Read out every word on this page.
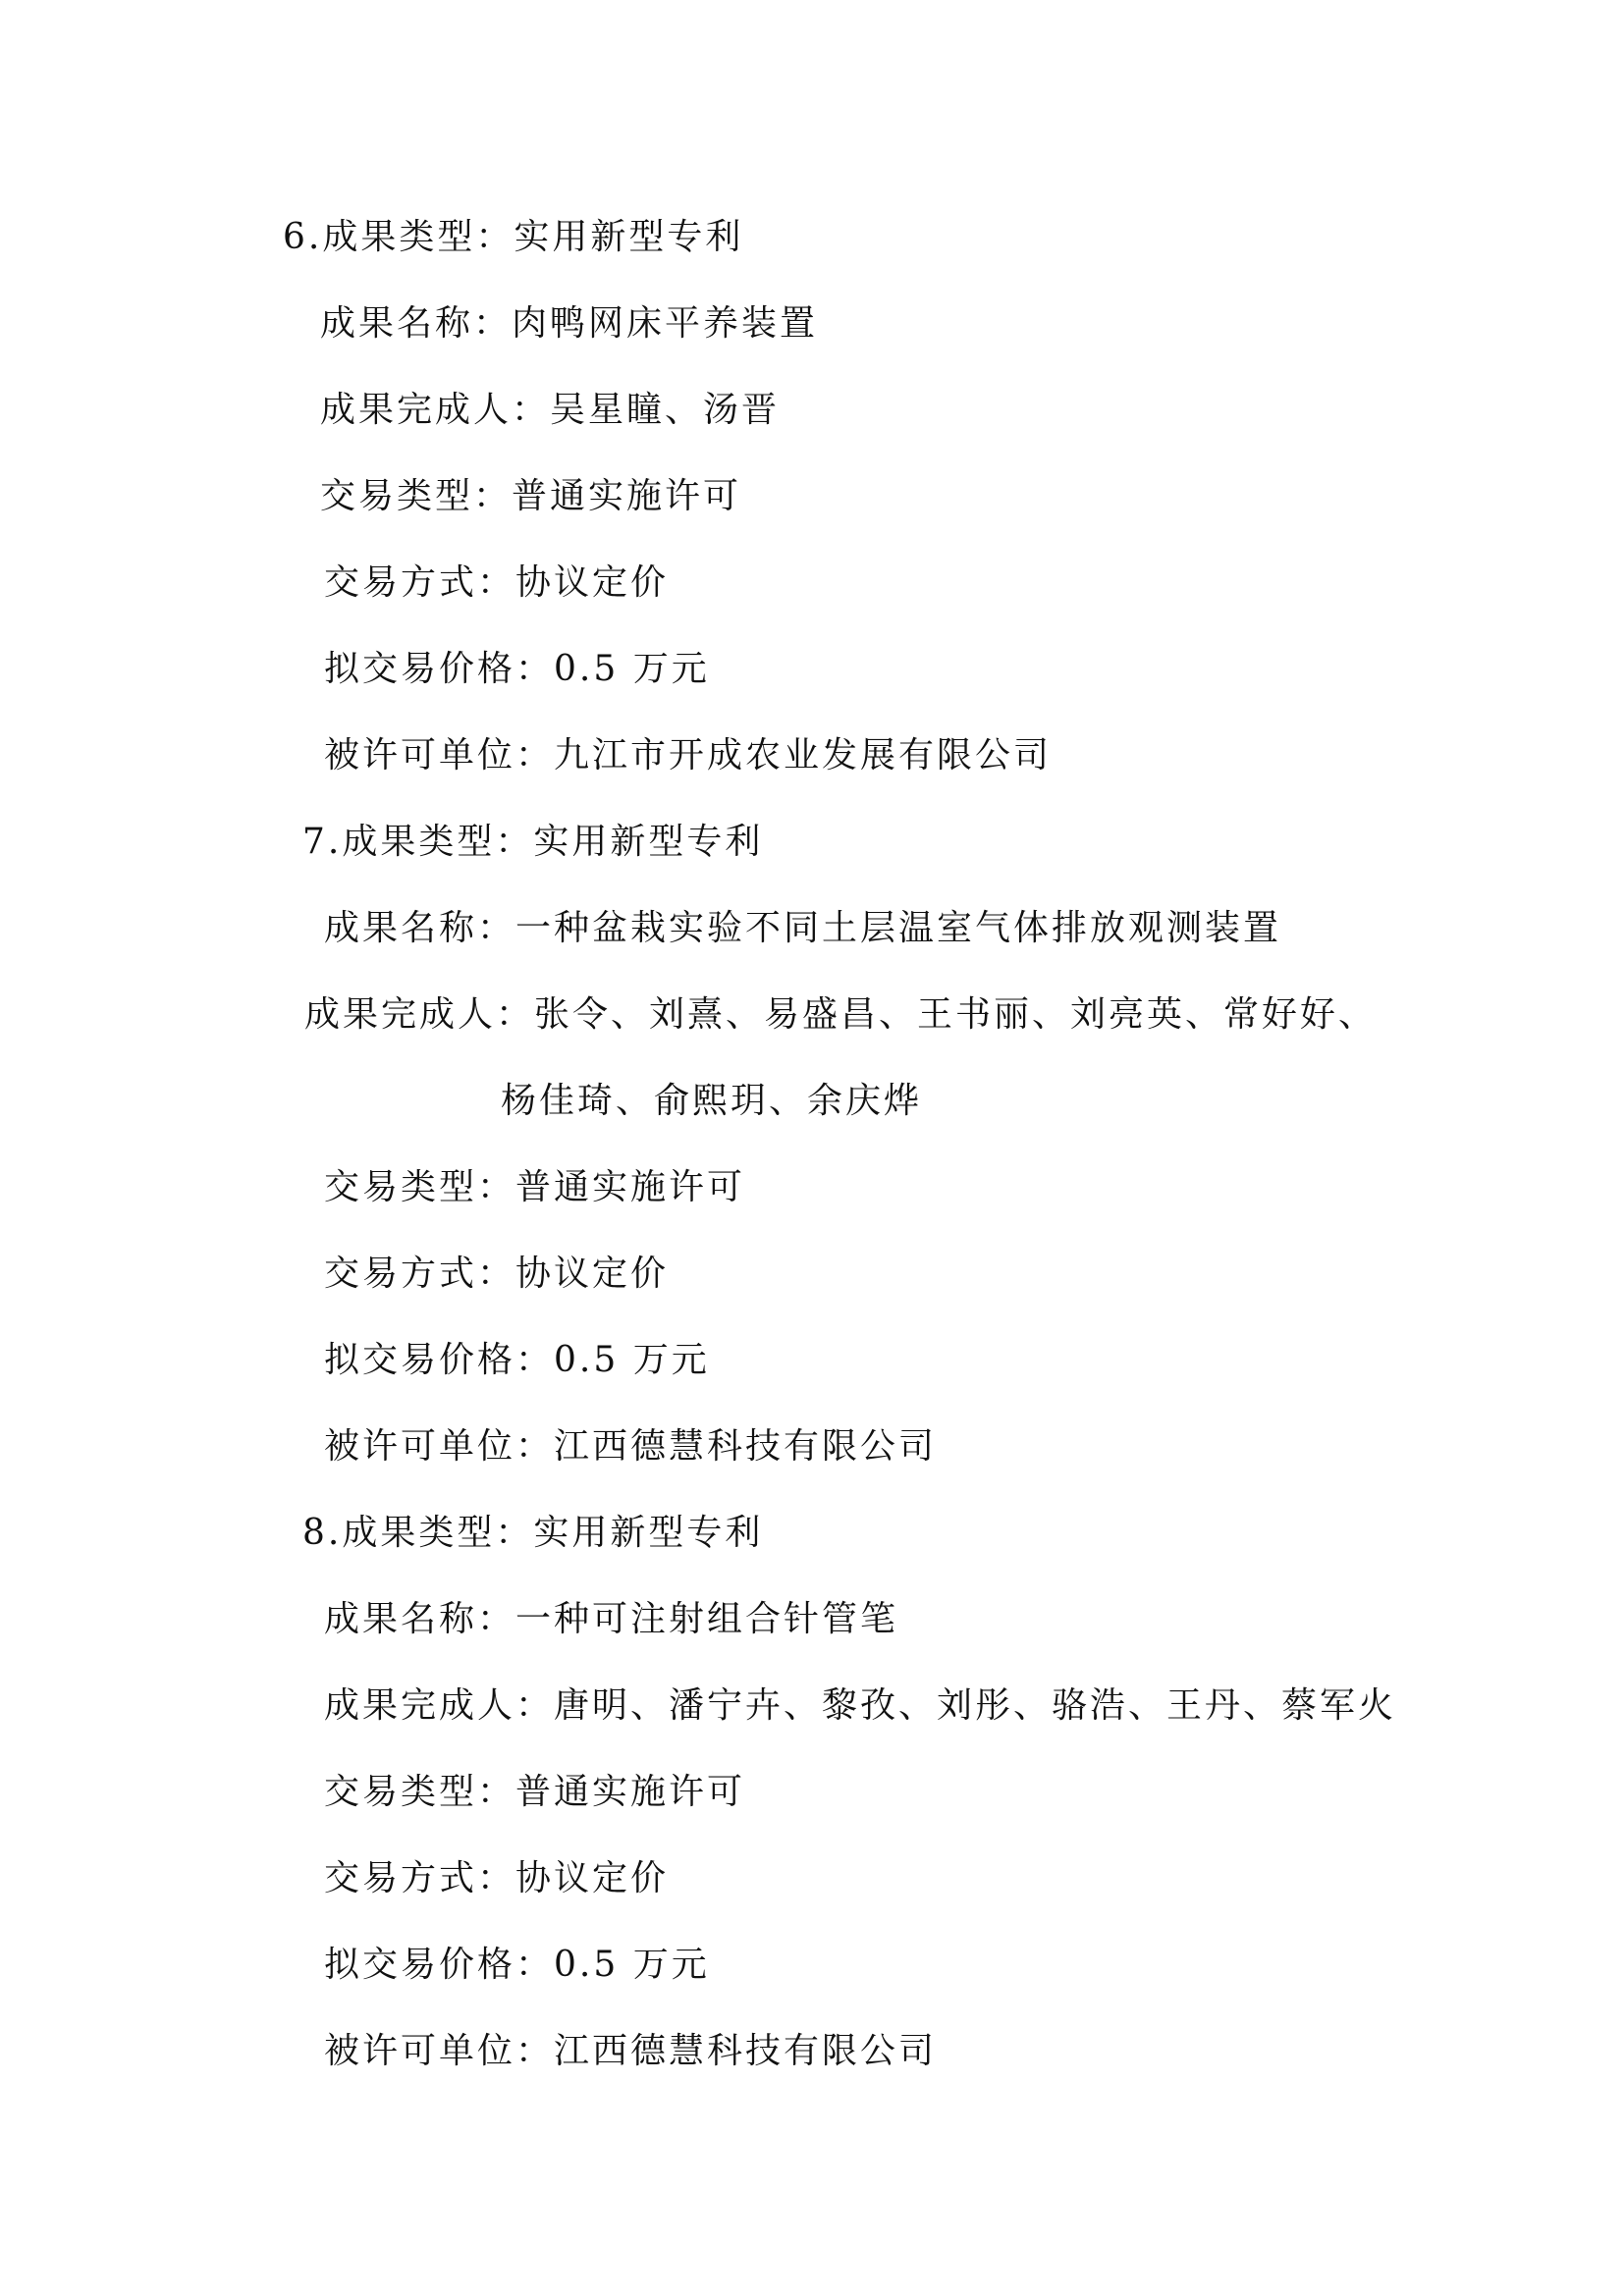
6.成果类型：实用新型专利
成果名称：肉鸭网床平养装置
成果完成人：吴星瞳、汤晋
交易类型：普通实施许可
交易方式：协议定价
拟交易价格：0.5 万元
被许可单位：九江市开成农业发展有限公司
7.成果类型：实用新型专利
成果名称：一种盆栽实验不同土层温室气体排放观测装置
成果完成人：张令、刘熹、易盛昌、王书丽、刘亮英、常好好、
杨佳琦、俞熙玥、余庆烨
交易类型：普通实施许可
交易方式：协议定价
拟交易价格：0.5 万元
被许可单位：江西德慧科技有限公司
8.成果类型：实用新型专利
成果名称：一种可注射组合针管笔
成果完成人：唐明、潘宁卉、黎孜、刘彤、骆浩、王丹、蔡军火
交易类型：普通实施许可
交易方式：协议定价
拟交易价格：0.5 万元
被许可单位：江西德慧科技有限公司
